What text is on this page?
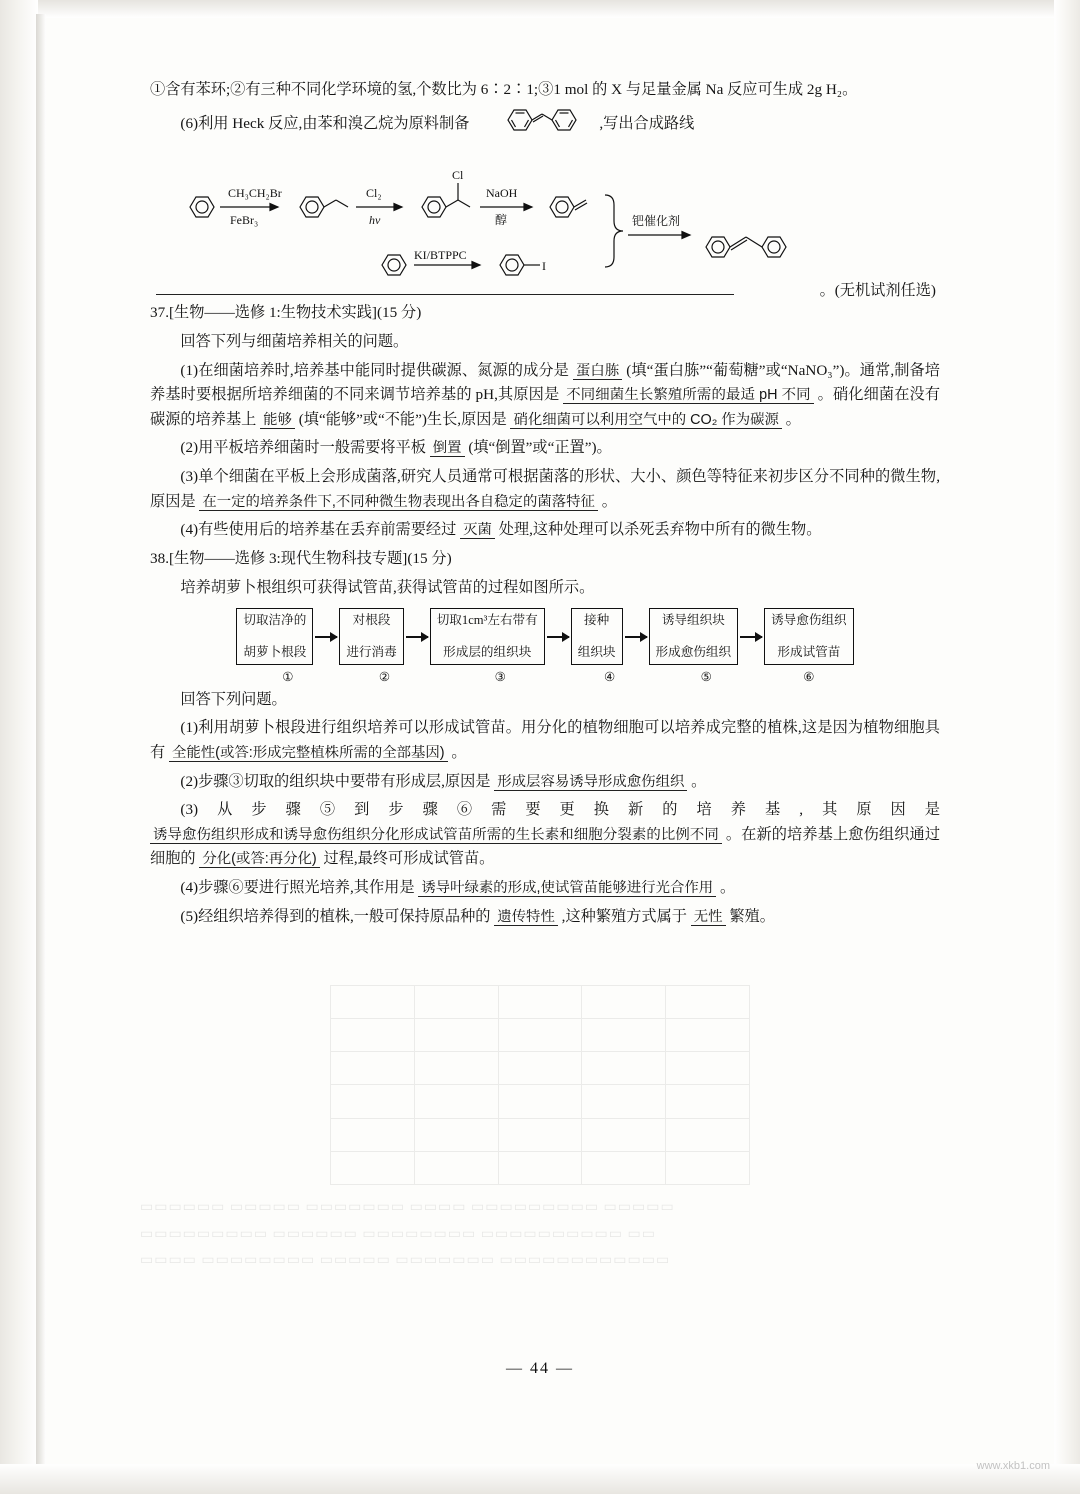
①含有苯环;②有三种不同化学环境的氢,个数比为 6∶2∶1;③1 mol 的 X 与足量金属 Na 反应可生成 2g H₂。

(6)利用 Heck 反应,由苯和溴乙烷为原料制备	,写出合成路线

CH₃CH₂Br
FeBr₃
Cl₂
hv
NaOH
醇
KI/BTPPC
钯催化剂
Cl
I
。(无机试剂任选)

37.[生物——选修 1:生物技术实践](15 分)

回答下列与细菌培养相关的问题。

(1)在细菌培养时,培养基中能同时提供碳源、氮源的成分是 蛋白胨 (填“蛋白胨”“葡萄糖”或“NaNO₃”)。通常,制备培养基时要根据所培养细菌的不同来调节培养基的 pH,其原因是 不同细菌生长繁殖所需的最适 pH 不同 。硝化细菌在没有碳源的培养基上 能够 (填“能够”或“不能”)生长,原因是 硝化细菌可以利用空气中的 CO₂ 作为碳源 。

(2)用平板培养细菌时一般需要将平板 倒置 (填“倒置”或“正置”)。

(3)单个细菌在平板上会形成菌落,研究人员通常可根据菌落的形状、大小、颜色等特征来初步区分不同种的微生物,原因是 在一定的培养条件下,不同种微生物表现出各自稳定的菌落特征 。

(4)有些使用后的培养基在丢弃前需要经过 灭菌 处理,这种处理可以杀死丢弃物中所有的微生物。

38.[生物——选修 3:现代生物科技专题](15 分)

培养胡萝卜根组织可获得试管苗,获得试管苗的过程如图所示。

切取洁净的

胡萝卜根段
对根段

进行消毒
切取1cm³左右带有

形成层的组织块
接种

组织块
诱导组织块

形成愈伤组织
诱导愈伤组织

形成试管苗
①	②	③	④	⑤	⑥

回答下列问题。

(1)利用胡萝卜根段进行组织培养可以形成试管苗。用分化的植物细胞可以培养成完整的植株,这是因为植物细胞具有 全能性(或答:形成完整植株所需的全部基因) 。

(2)步骤③切取的组织块中要带有形成层,原因是 形成层容易诱导形成愈伤组织 。

(3)从步骤⑤到步骤⑥需要更换新的培养基,其原因是 诱导愈伤组织形成和诱导愈伤组织分化形成试管苗所需的生长素和细胞分裂素的比例不同 。在新的培养基上愈伤组织通过细胞的 分化(或答:再分化) 过程,最终可形成试管苗。

(4)步骤⑥要进行照光培养,其作用是 诱导叶绿素的形成,使试管苗能够进行光合作用 。

(5)经组织培养得到的植株,一般可保持原品种的 遗传特性 ,这种繁殖方式属于 无性 繁殖。

▭▭▭▭▭▭ ▭▭▭▭▭ ▭▭▭▭▭▭▭ ▭▭▭▭ ▭▭▭▭▭▭▭▭▭ ▭▭▭▭▭
▭▭▭▭▭▭▭▭▭ ▭▭▭▭▭▭ ▭▭▭▭▭▭▭▭ ▭▭▭▭▭▭▭▭▭▭ ▭▭
▭▭▭▭ ▭▭▭▭▭▭▭▭ ▭▭▭▭▭ ▭▭▭▭▭▭▭ ▭▭▭▭▭▭▭▭▭▭▭▭
— 44 —
www.xkb1.com
